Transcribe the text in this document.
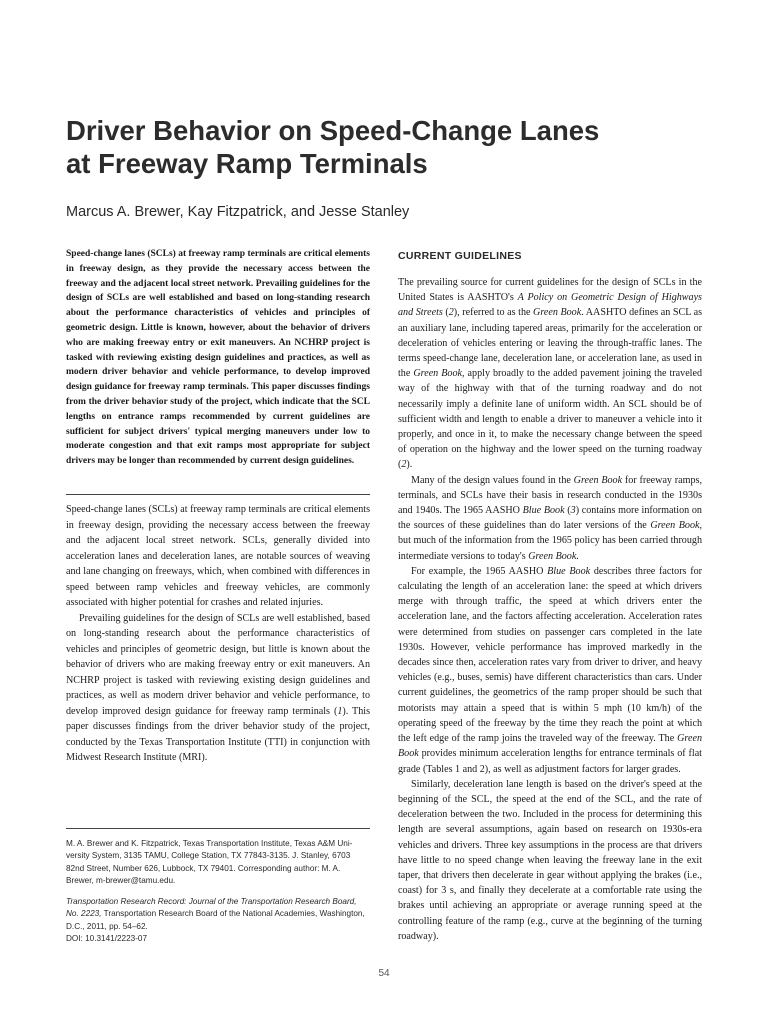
Driver Behavior on Speed-Change Lanes
at Freeway Ramp Terminals
Marcus A. Brewer, Kay Fitzpatrick, and Jesse Stanley

Speed-change lanes (SCLs) at freeway ramp terminals are critical elements in freeway design, as they provide the necessary access between the freeway and the adjacent local street network. Prevailing guidelines for the design of SCLs are well established and based on long-standing research about the performance characteristics of vehicles and principles of geometric design. Little is known, however, about the behavior of drivers who are making freeway entry or exit maneuvers. An NCHRP project is tasked with reviewing existing design guidelines and practices, as well as modern driver behavior and vehicle performance, to develop improved design guidance for freeway ramp terminals. This paper discusses findings from the driver behavior study of the project, which indicate that the SCL lengths on entrance ramps recommended by current guidelines are sufficient for subject drivers' typical merging maneuvers under low to moderate congestion and that exit ramps most appropriate for subject drivers may be longer than recommended by current design guidelines.

Speed-change lanes (SCLs) at freeway ramp terminals are critical elements in freeway design, providing the necessary access between the freeway and the adjacent local street network. SCLs, generally divided into acceleration lanes and deceleration lanes, are notable sources of weaving and lane changing on freeways, which, when combined with differences in speed between ramp vehicles and freeway vehicles, are commonly associated with higher potential for crashes and related injuries.

Prevailing guidelines for the design of SCLs are well established, based on long-standing research about the performance characteristics of vehicles and principles of geometric design, but little is known about the behavior of drivers who are making freeway entry or exit maneuvers. An NCHRP project is tasked with reviewing existing design guidelines and practices, as well as modern driver behavior and vehicle performance, to develop improved design guidance for freeway ramp terminals (1). This paper discusses findings from the driver behavior study of the project, conducted by the Texas Transportation Institute (TTI) in conjunction with Midwest Research Institute (MRI).

CURRENT GUIDELINES

The prevailing source for current guidelines for the design of SCLs in the United States is AASHTO's A Policy on Geometric Design of Highways and Streets (2), referred to as the Green Book. AASHTO defines an SCL as an auxiliary lane, including tapered areas, primarily for the acceleration or deceleration of vehicles entering or leaving the through-traffic lanes. The terms speed-change lane, deceleration lane, or acceleration lane, as used in the Green Book, apply broadly to the added pavement joining the traveled way of the highway with that of the turning roadway and do not necessarily imply a definite lane of uniform width. An SCL should be of sufficient width and length to enable a driver to maneuver a vehicle into it properly, and once in it, to make the necessary change between the speed of operation on the highway and the lower speed on the turning roadway (2).

Many of the design values found in the Green Book for freeway ramps, terminals, and SCLs have their basis in research conducted in the 1930s and 1940s. The 1965 AASHO Blue Book (3) contains more information on the sources of these guidelines than do later versions of the Green Book, but much of the information from the 1965 policy has been carried through intermediate versions to today's Green Book.

For example, the 1965 AASHO Blue Book describes three factors for calculating the length of an acceleration lane: the speed at which drivers merge with through traffic, the speed at which drivers enter the acceleration lane, and the factors affecting acceleration. Acceleration rates were determined from studies on passenger cars completed in the late 1930s. However, vehicle performance has improved markedly in the decades since then, acceleration rates vary from driver to driver, and heavy vehicles (e.g., buses, semis) have different characteristics than cars. Under current guidelines, the geometrics of the ramp proper should be such that motorists may attain a speed that is within 5 mph (10 km/h) of the operating speed of the freeway by the time they reach the point at which the left edge of the ramp joins the traveled way of the freeway. The Green Book provides minimum acceleration lengths for entrance terminals of flat grade (Tables 1 and 2), as well as adjustment factors for larger grades.

Similarly, deceleration lane length is based on the driver's speed at the beginning of the SCL, the speed at the end of the SCL, and the rate of deceleration between the two. Included in the process for determining this length are several assumptions, again based on research on 1930s-era vehicles and drivers. Three key assumptions in the process are that drivers have little to no speed change when leaving the freeway lane in the exit taper, that drivers then decelerate in gear without applying the brakes (i.e., coast) for 3 s, and finally they decelerate at a comfortable rate using the brakes until achieving an appropriate or average running speed at the controlling feature of the ramp (e.g., curve at the beginning of the turning roadway).

M. A. Brewer and K. Fitzpatrick, Texas Transportation Institute, Texas A&M Uni-
versity System, 3135 TAMU, College Station, TX 77843-3135. J. Stanley, 6703
82nd Street, Number 626, Lubbock, TX 79401. Corresponding author: M. A.
Brewer, m-brewer@tamu.edu.

Transportation Research Record: Journal of the Transportation Research Board,
No. 2223, Transportation Research Board of the National Academies, Washington,
D.C., 2011, pp. 54–62.
DOI: 10.3141/2223-07

54
